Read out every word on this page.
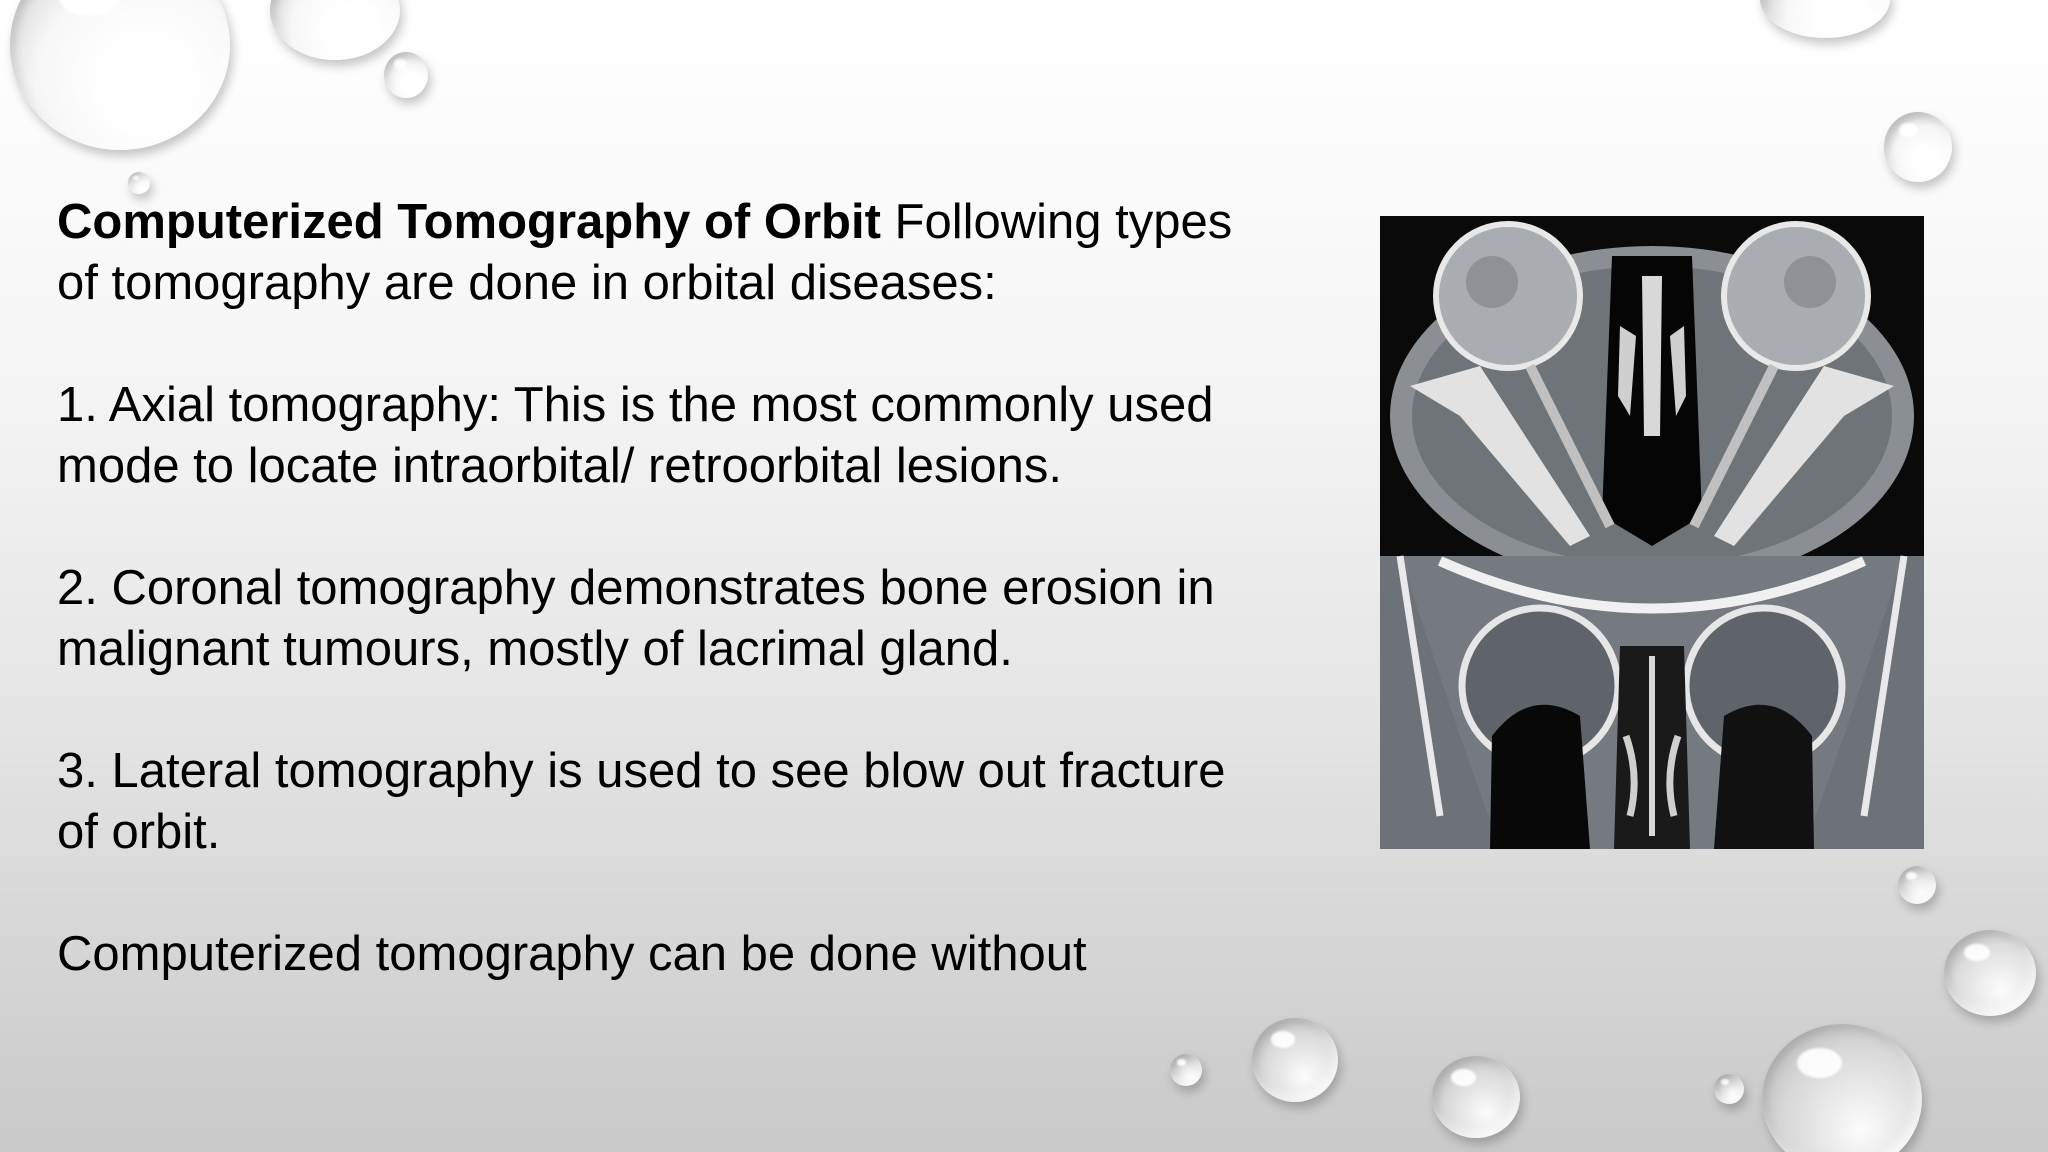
Computerized Tomography of Orbit Following types of tomography are done in orbital diseases:

1. Axial tomography: This is the most commonly used mode to locate intraorbital/ retroorbital lesions.

2. Coronal tomography demonstrates bone erosion in malignant tumours, mostly of lacrimal gland.

3. Lateral tomography is used to see blow out fracture of orbit.

Computerized tomography can be done without
